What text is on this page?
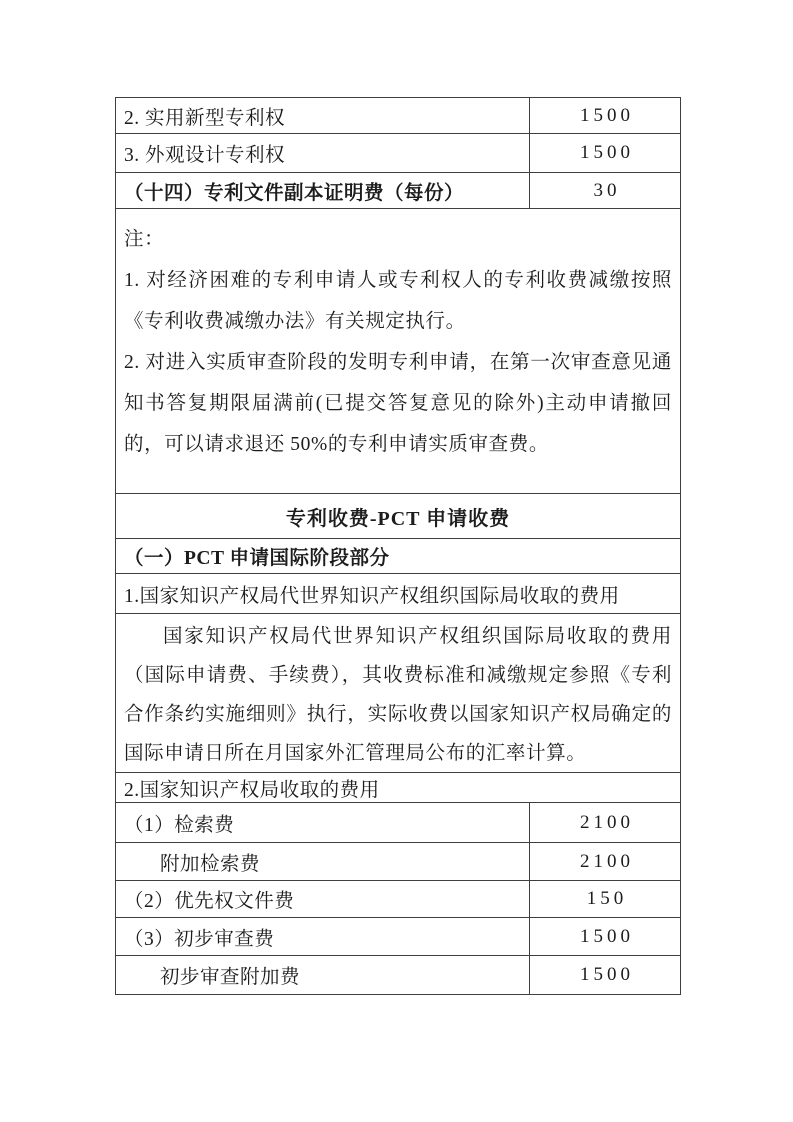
2. 实用新型专利权	1500
3. 外观设计专利权	1500
（十四）专利文件副本证明费（每份）	30
注：

1. 对经济困难的专利申请人或专利权人的专利收费减缴按照《专利收费减缴办法》有关规定执行。

2. 对进入实质审查阶段的发明专利申请，在第一次审查意见通知书答复期限届满前(已提交答复意见的除外)主动申请撤回的，可以请求退还 50%的专利申请实质审查费。

专利收费-PCT 申请收费
（一）PCT 申请国际阶段部分
1.国家知识产权局代世界知识产权组织国际局收取的费用

国家知识产权局代世界知识产权组织国际局收取的费用（国际申请费、手续费），其收费标准和减缴规定参照《专利合作条约实施细则》执行，实际收费以国家知识产权局确定的国际申请日所在月国家外汇管理局公布的汇率计算。

2.国家知识产权局收取的费用
（1）检索费	2100
附加检索费	2100
（2）优先权文件费	150
（3）初步审查费	1500
初步审查附加费	1500
